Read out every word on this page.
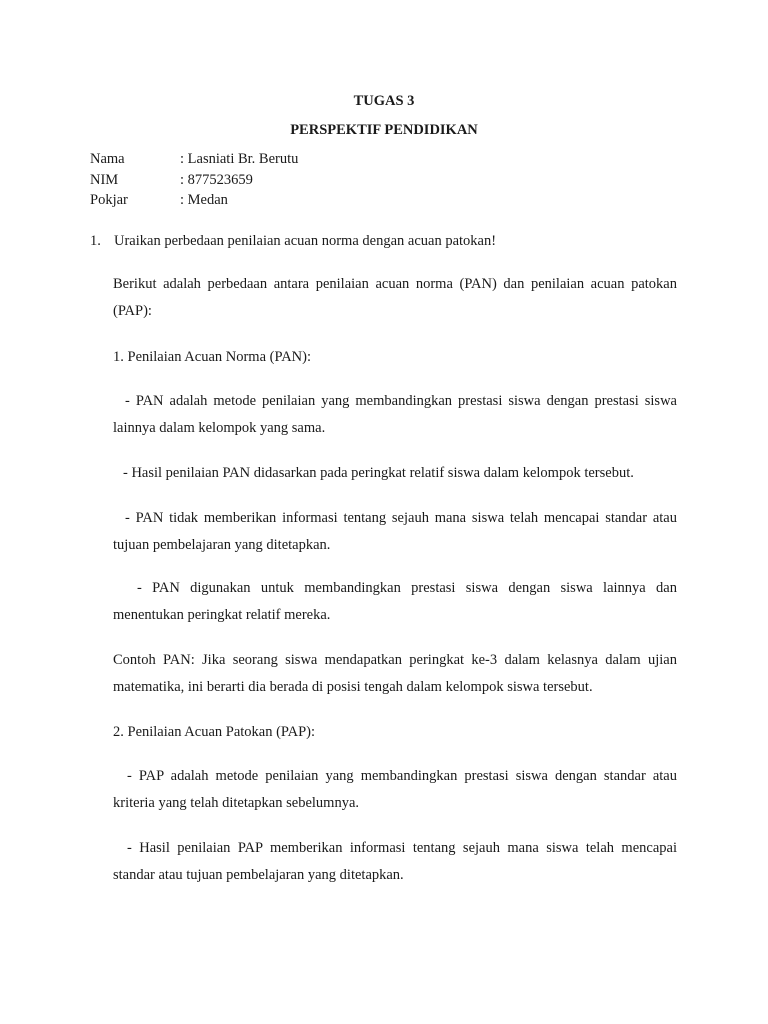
TUGAS 3
PERSPEKTIF PENDIDIKAN
Nama	: Lasniati Br. Berutu
NIM	: 877523659
Pokjar	: Medan
1. Uraikan perbedaan penilaian acuan norma dengan acuan patokan!

Berikut adalah perbedaan antara penilaian acuan norma (PAN) dan penilaian acuan patokan (PAP):

1. Penilaian Acuan Norma (PAN):

- PAN adalah metode penilaian yang membandingkan prestasi siswa dengan prestasi siswa lainnya dalam kelompok yang sama.

- Hasil penilaian PAN didasarkan pada peringkat relatif siswa dalam kelompok tersebut.

- PAN tidak memberikan informasi tentang sejauh mana siswa telah mencapai standar atau tujuan pembelajaran yang ditetapkan.

- PAN digunakan untuk membandingkan prestasi siswa dengan siswa lainnya dan menentukan peringkat relatif mereka.

Contoh PAN: Jika seorang siswa mendapatkan peringkat ke-3 dalam kelasnya dalam ujian matematika, ini berarti dia berada di posisi tengah dalam kelompok siswa tersebut.

2. Penilaian Acuan Patokan (PAP):

- PAP adalah metode penilaian yang membandingkan prestasi siswa dengan standar atau kriteria yang telah ditetapkan sebelumnya.

- Hasil penilaian PAP memberikan informasi tentang sejauh mana siswa telah mencapai standar atau tujuan pembelajaran yang ditetapkan.
